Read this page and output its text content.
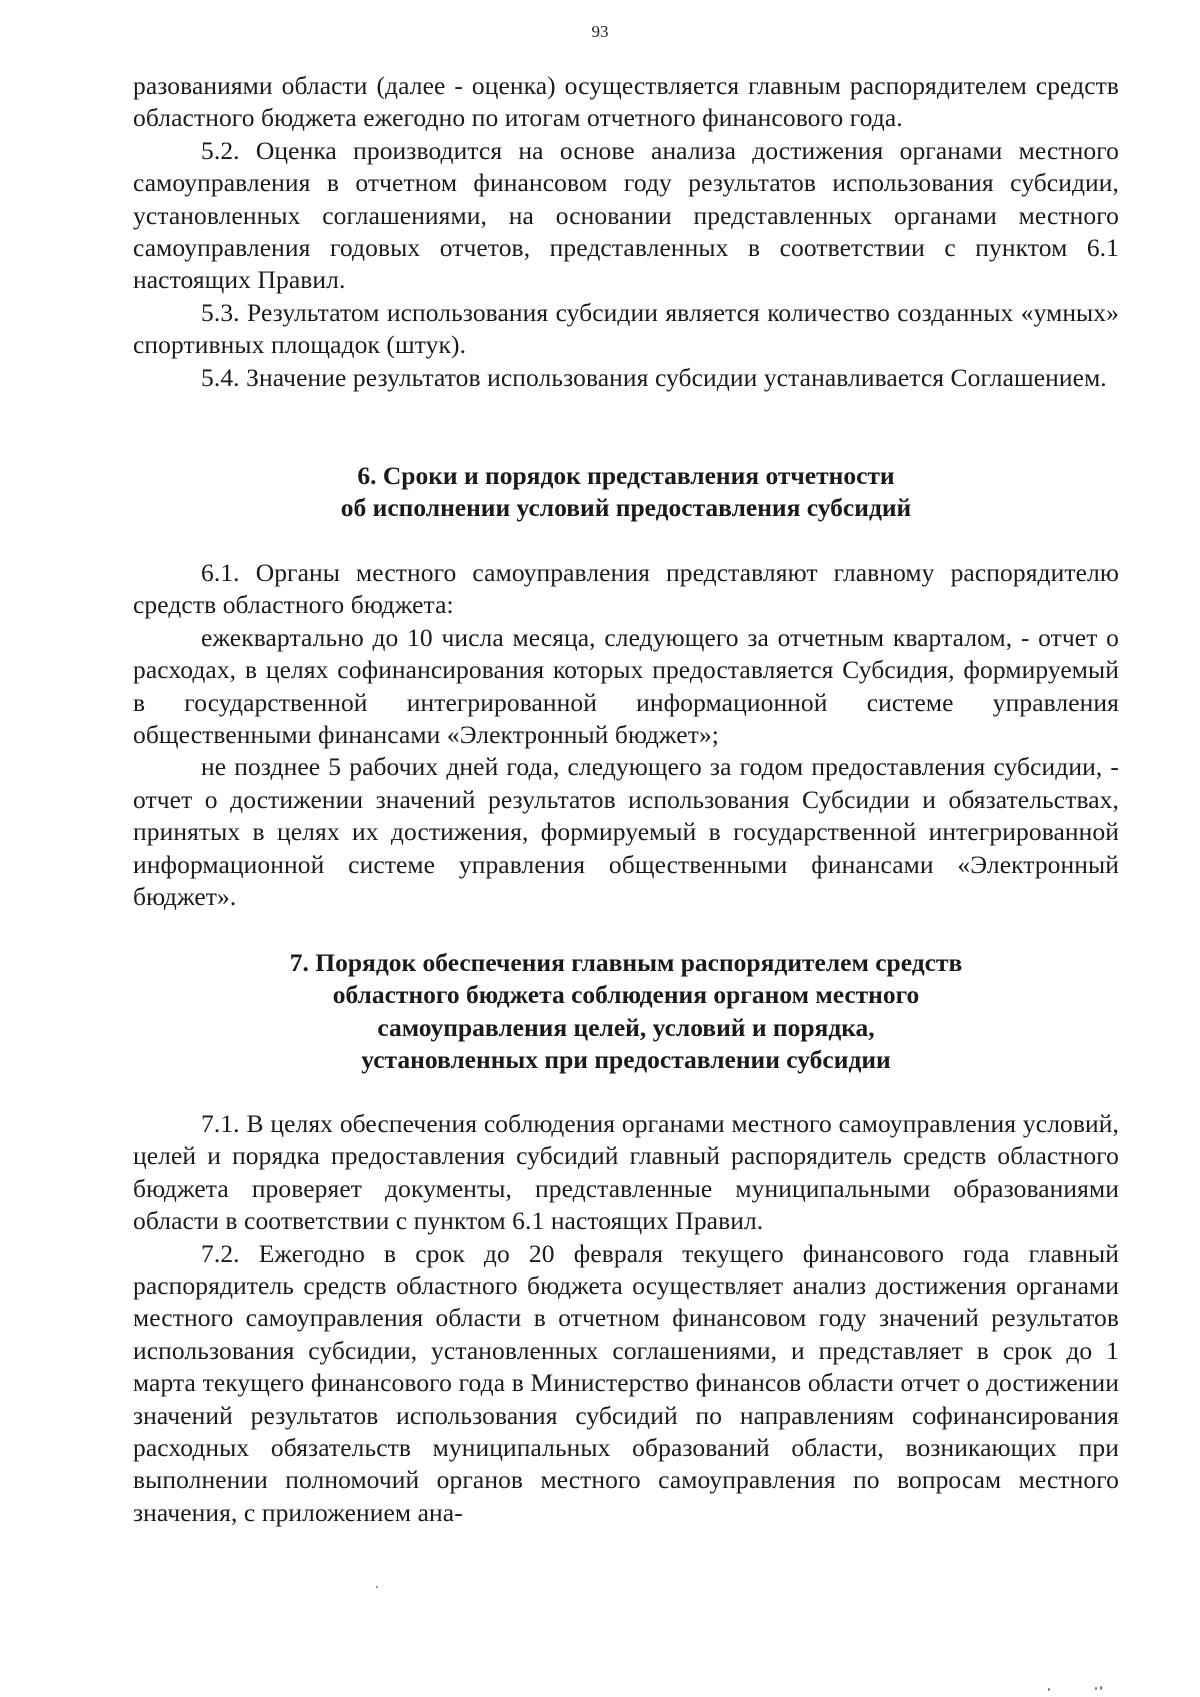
93

разованиями области (далее - оценка) осуществляется главным распорядителем средств областного бюджета ежегодно по итогам отчетного финансового года.

5.2. Оценка производится на основе анализа достижения органами местного самоуправления в отчетном финансовом году результатов использования субсидии, установленных соглашениями, на основании представленных органами местного самоуправления годовых отчетов, представленных в соответствии с пунктом 6.1 настоящих Правил.

5.3. Результатом использования субсидии является количество созданных «умных» спортивных площадок (штук).

5.4. Значение результатов использования субсидии устанавливается Соглашением.

6. Сроки и порядок представления отчетности
об исполнении условий предоставления субсидий

6.1. Органы местного самоуправления представляют главному распорядителю средств областного бюджета:

ежеквартально до 10 числа месяца, следующего за отчетным кварталом, - отчет о расходах, в целях софинансирования которых предоставляется Субсидия, формируемый в государственной интегрированной информационной системе управления общественными финансами «Электронный бюджет»;

не позднее 5 рабочих дней года, следующего за годом предоставления субсидии, - отчет о достижении значений результатов использования Субсидии и обязательствах, принятых в целях их достижения, формируемый в государственной интегрированной информационной системе управления общественными финансами «Электронный бюджет».

7. Порядок обеспечения главным распорядителем средств
областного бюджета соблюдения органом местного
самоуправления целей, условий и порядка,
установленных при предоставлении субсидии

7.1. В целях обеспечения соблюдения органами местного самоуправления условий, целей и порядка предоставления субсидий главный распорядитель средств областного бюджета проверяет документы, представленные муниципальными образованиями области в соответствии с пунктом 6.1 настоящих Правил.

7.2. Ежегодно в срок до 20 февраля текущего финансового года главный распорядитель средств областного бюджета осуществляет анализ достижения органами местного самоуправления области в отчетном финансовом году значений результатов использования субсидии, установленных соглашениями, и представляет в срок до 1 марта текущего финансового года в Министерство финансов области отчет о достижении значений результатов использования субсидий по направлениям софинансирования расходных обязательств муниципальных образований области, возникающих при выполнении полномочий органов местного самоуправления по вопросам местного значения, с приложением ана-
